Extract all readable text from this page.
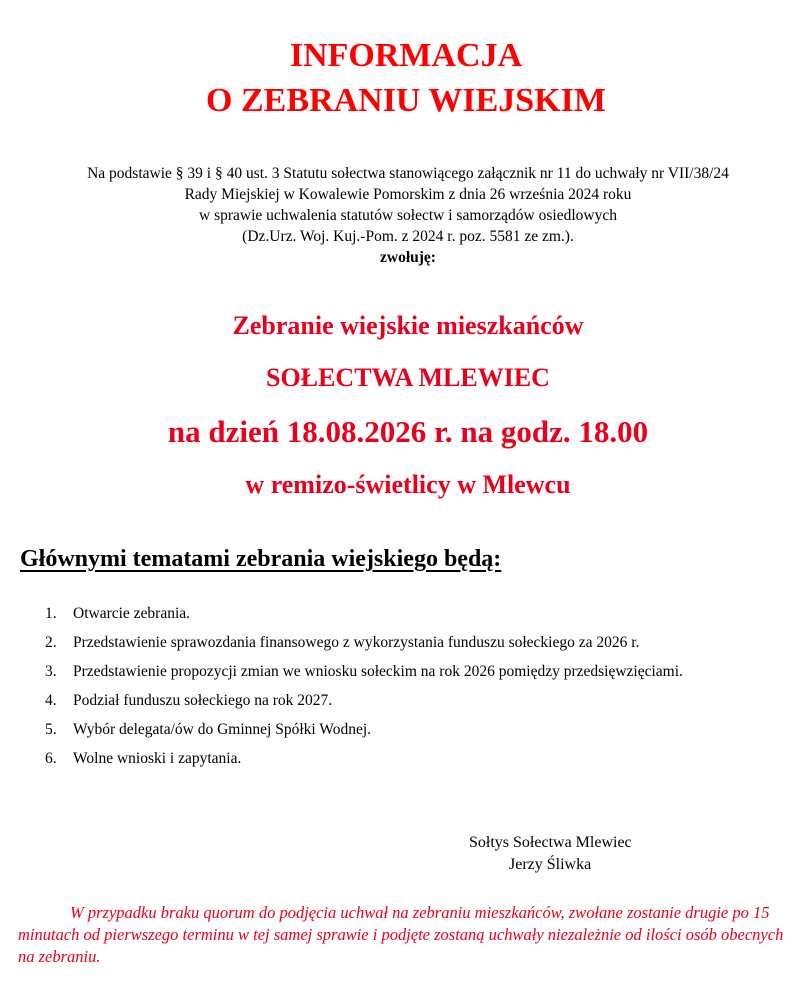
INFORMACJA
O ZEBRANIU WIEJSKIM

Na podstawie § 39 i § 40 ust. 3 Statutu sołectwa stanowiącego załącznik nr 11 do uchwały nr VII/38/24
Rady Miejskiej w Kowalewie Pomorskim z dnia 26 września 2024 roku
w sprawie uchwalenia statutów sołectw i samorządów osiedlowych
(Dz.Urz. Woj. Kuj.-Pom. z 2024 r. poz. 5581 ze zm.).
zwołuję:

Zebranie wiejskie mieszkańców

SOŁECTWA MLEWIEC

na dzień 18.08.2026 r. na godz. 18.00

w remizo-świetlicy w Mlewcu

Głównymi tematami zebrania wiejskiego będą:
1. Otwarcie zebrania.
2. Przedstawienie sprawozdania finansowego z wykorzystania funduszu sołeckiego za 2026 r.
3. Przedstawienie propozycji zmian we wniosku sołeckim na rok 2026 pomiędzy przedsięwzięciami.
4. Podział funduszu sołeckiego na rok 2027.
5. Wybór delegata/ów do Gminnej Spółki Wodnej.
6. Wolne wnioski i zapytania.

Sołtys Sołectwa Mlewiec
Jerzy Śliwka

W przypadku braku quorum do podjęcia uchwał na zebraniu mieszkańców, zwołane zostanie drugie po 15 minutach od pierwszego terminu w tej samej sprawie i podjęte zostaną uchwały niezależnie od ilości osób obecnych na zebraniu.
